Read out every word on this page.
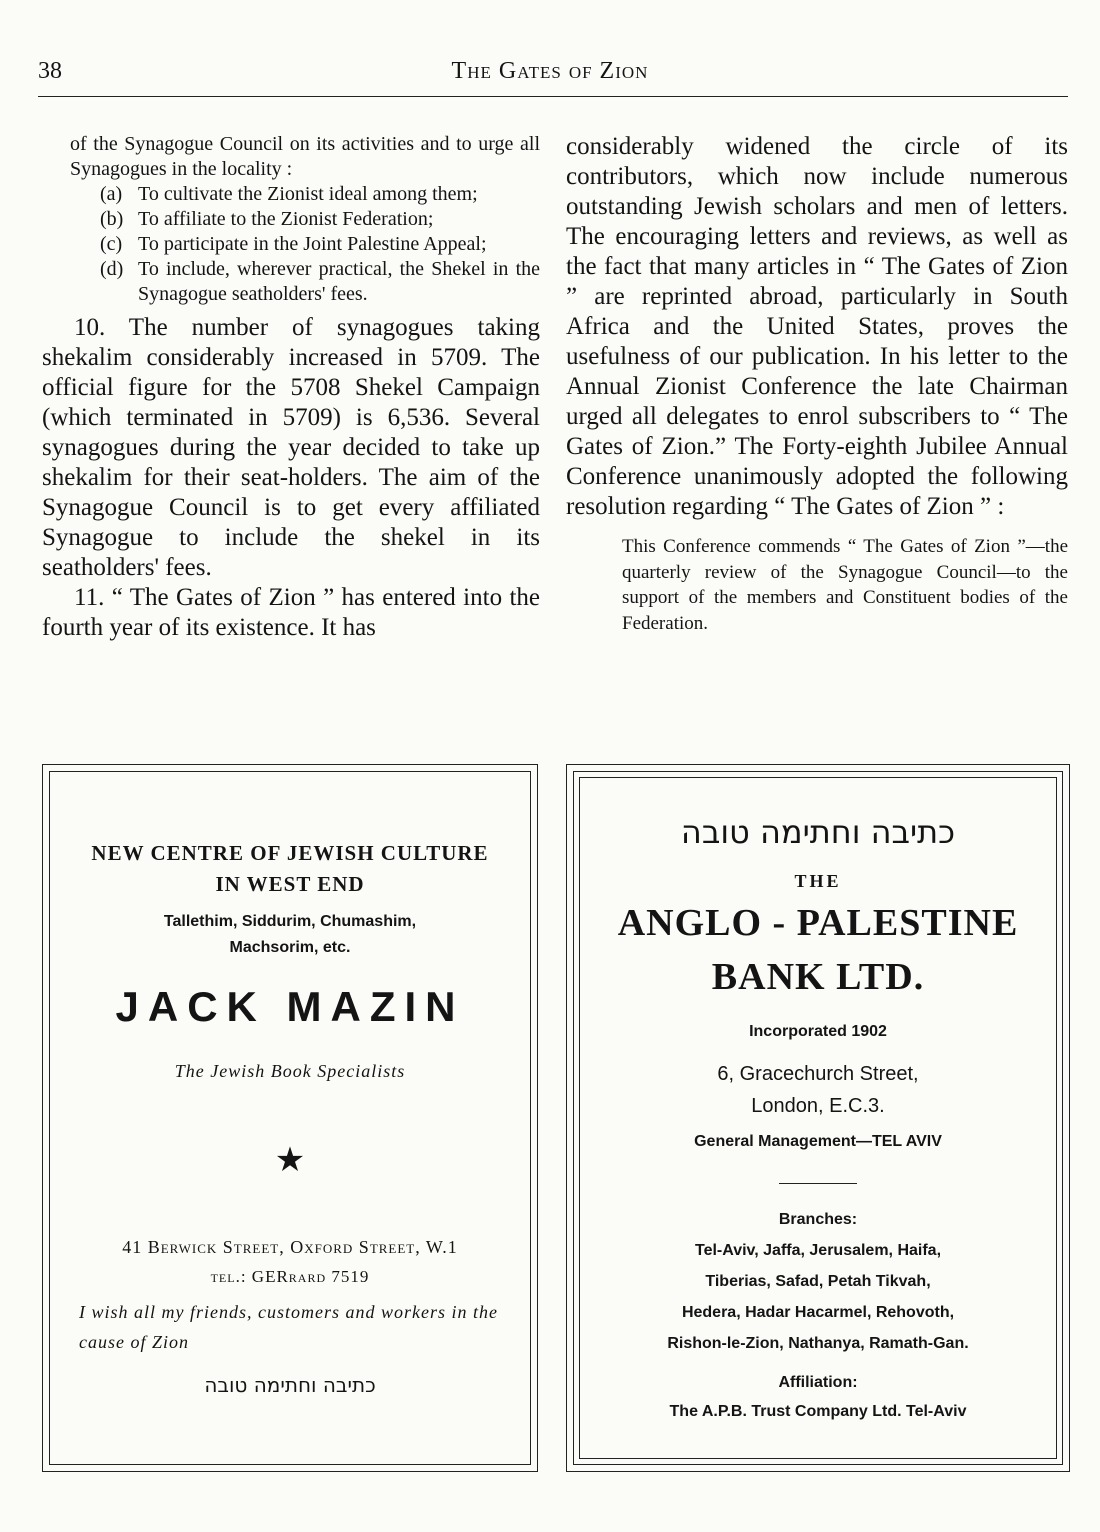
38	The Gates of Zion

of the Synagogue Council on its activities and to urge all Synagogues in the locality :

(a) To cultivate the Zionist ideal among them;
(b) To affiliate to the Zionist Federation;
(c) To participate in the Joint Palestine Appeal;
(d) To include, wherever practical, the Shekel in the Synagogue seatholders' fees.

10. The number of synagogues taking shekalim considerably increased in 5709. The official figure for the 5708 Shekel Campaign (which terminated in 5709) is 6,536. Several synagogues during the year decided to take up shekalim for their seat-holders. The aim of the Synagogue Council is to get every affiliated Synagogue to include the shekel in its seatholders' fees.

11. “ The Gates of Zion ” has entered into the fourth year of its existence. It has

considerably widened the circle of its contributors, which now include numerous outstanding Jewish scholars and men of letters. The encouraging letters and reviews, as well as the fact that many articles in “ The Gates of Zion ” are reprinted abroad, particularly in South Africa and the United States, proves the usefulness of our publication. In his letter to the Annual Zionist Conference the late Chairman urged all delegates to enrol subscribers to “ The Gates of Zion.” The Forty-eighth Jubilee Annual Conference unanimously adopted the following resolution regarding “ The Gates of Zion ” :

This Conference commends “ The Gates of Zion ”—the quarterly review of the Synagogue Council—to the support of the members and Constituent bodies of the Federation.

NEW CENTRE OF JEWISH CULTURE
IN WEST END
Tallethim, Siddurim, Chumashim,
Machsorim, etc.
JACK MAZIN
The Jewish Book Specialists
★
41 Berwick Street, Oxford Street, W.1
tel.: GERrard 7519
I wish all my friends, customers and workers in the cause of Zion
כתיבה וחתימה טובה
כתיבה וחתימה טובה
THE
ANGLO - PALESTINE
BANK LTD.
Incorporated 1902
6, Gracechurch Street,
London, E.C.3.
General Management—TEL AVIV
Branches:
Tel-Aviv, Jaffa, Jerusalem, Haifa,
Tiberias, Safad, Petah Tikvah,
Hedera, Hadar Hacarmel, Rehovoth,
Rishon-le-Zion, Nathanya, Ramath-Gan.
Affiliation:
The A.P.B. Trust Company Ltd. Tel-Aviv
